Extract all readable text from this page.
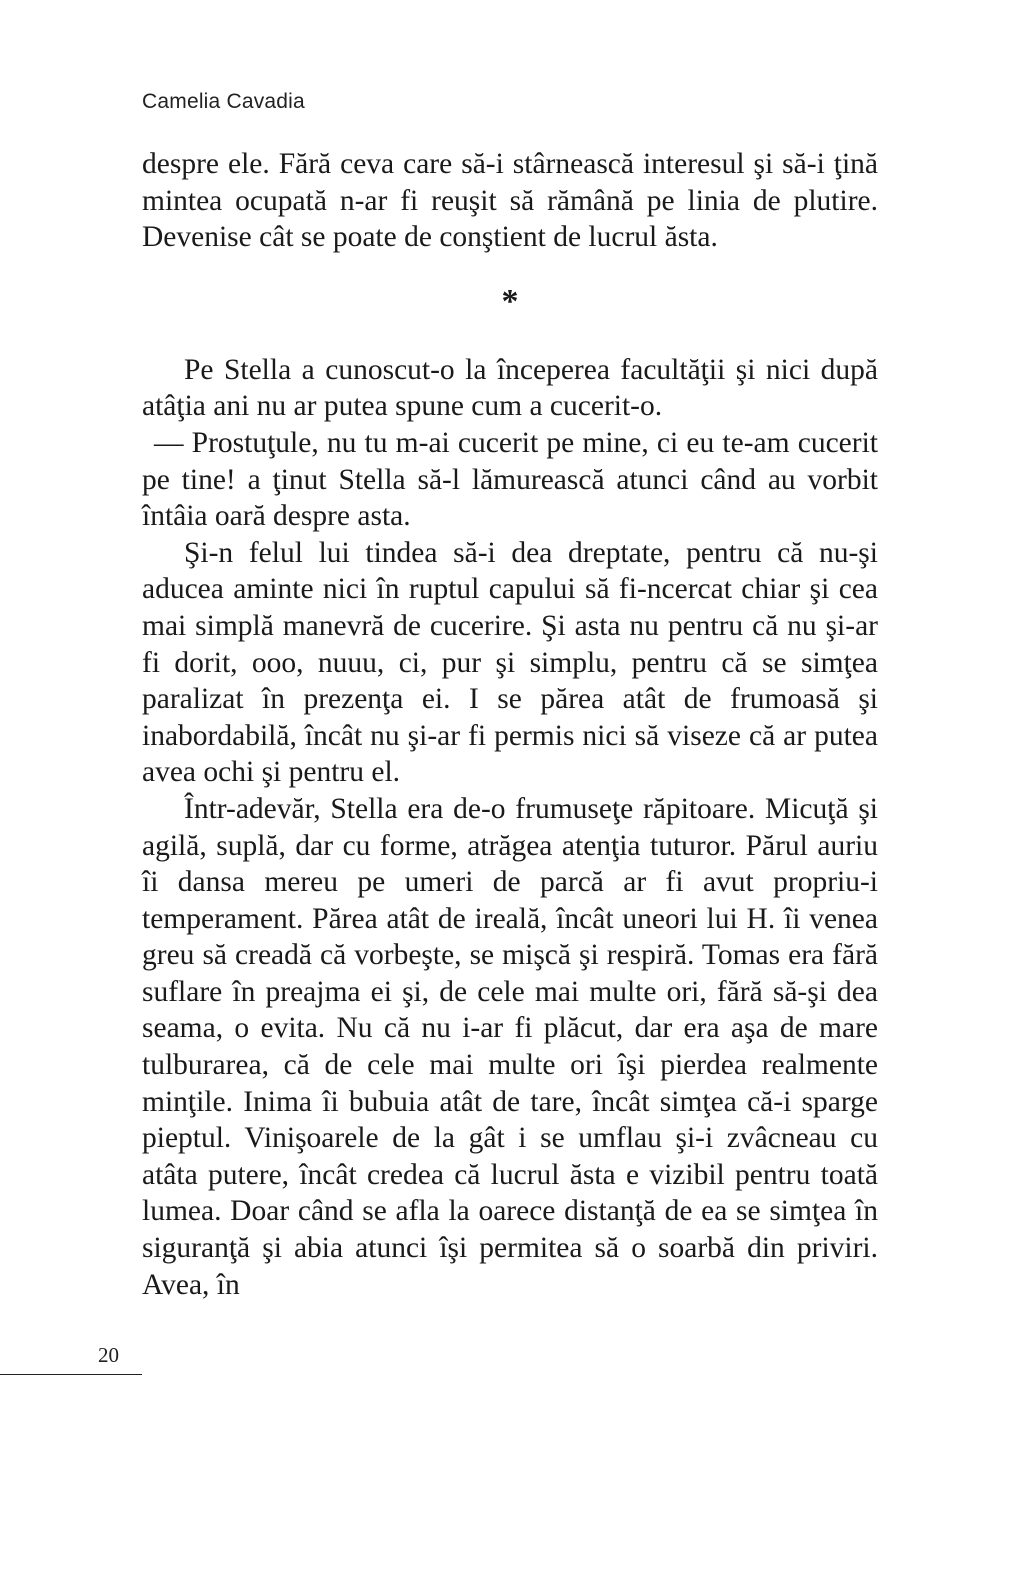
Camelia Cavadia

despre ele. Fără ceva care să-i stârnească interesul şi să-i ţină mintea ocupată n-ar fi reuşit să rămână pe linia de plutire. Devenise cât se poate de conştient de lucrul ăsta.

*

Pe Stella a cunoscut-o la începerea facultăţii şi nici după atâţia ani nu ar putea spune cum a cucerit-o.

— Prostuţule, nu tu m-ai cucerit pe mine, ci eu te-am cucerit pe tine! a ţinut Stella să-l lămurească atunci când au vorbit întâia oară despre asta.

Şi-n felul lui tindea să-i dea dreptate, pentru că nu-şi aducea aminte nici în ruptul capului să fi-ncercat chiar şi cea mai simplă manevră de cucerire. Şi asta nu pentru că nu şi-ar fi dorit, ooo, nuuu, ci, pur şi simplu, pentru că se simţea paralizat în prezenţa ei. I se părea atât de frumoasă şi inabordabilă, încât nu şi-ar fi permis nici să viseze că ar putea avea ochi şi pentru el.

Într-adevăr, Stella era de-o frumuseţe răpitoare. Micuţă şi agilă, suplă, dar cu forme, atrăgea atenţia tuturor. Părul auriu îi dansa mereu pe umeri de parcă ar fi avut propriu-i temperament. Părea atât de ireală, încât uneori lui H. îi venea greu să creadă că vorbeşte, se mişcă şi respiră. Tomas era fără suflare în preajma ei şi, de cele mai multe ori, fără să-şi dea seama, o evita. Nu că nu i-ar fi plăcut, dar era aşa de mare tulburarea, că de cele mai multe ori îşi pierdea realmente minţile. Inima îi bubuia atât de tare, încât simţea că-i sparge pieptul. Vinişoarele de la gât i se umflau şi-i zvâcneau cu atâta putere, încât credea că lucrul ăsta e vizibil pentru toată lumea. Doar când se afla la oarece distanţă de ea se simţea în siguranţă şi abia atunci îşi permitea să o soarbă din priviri. Avea, în

20
